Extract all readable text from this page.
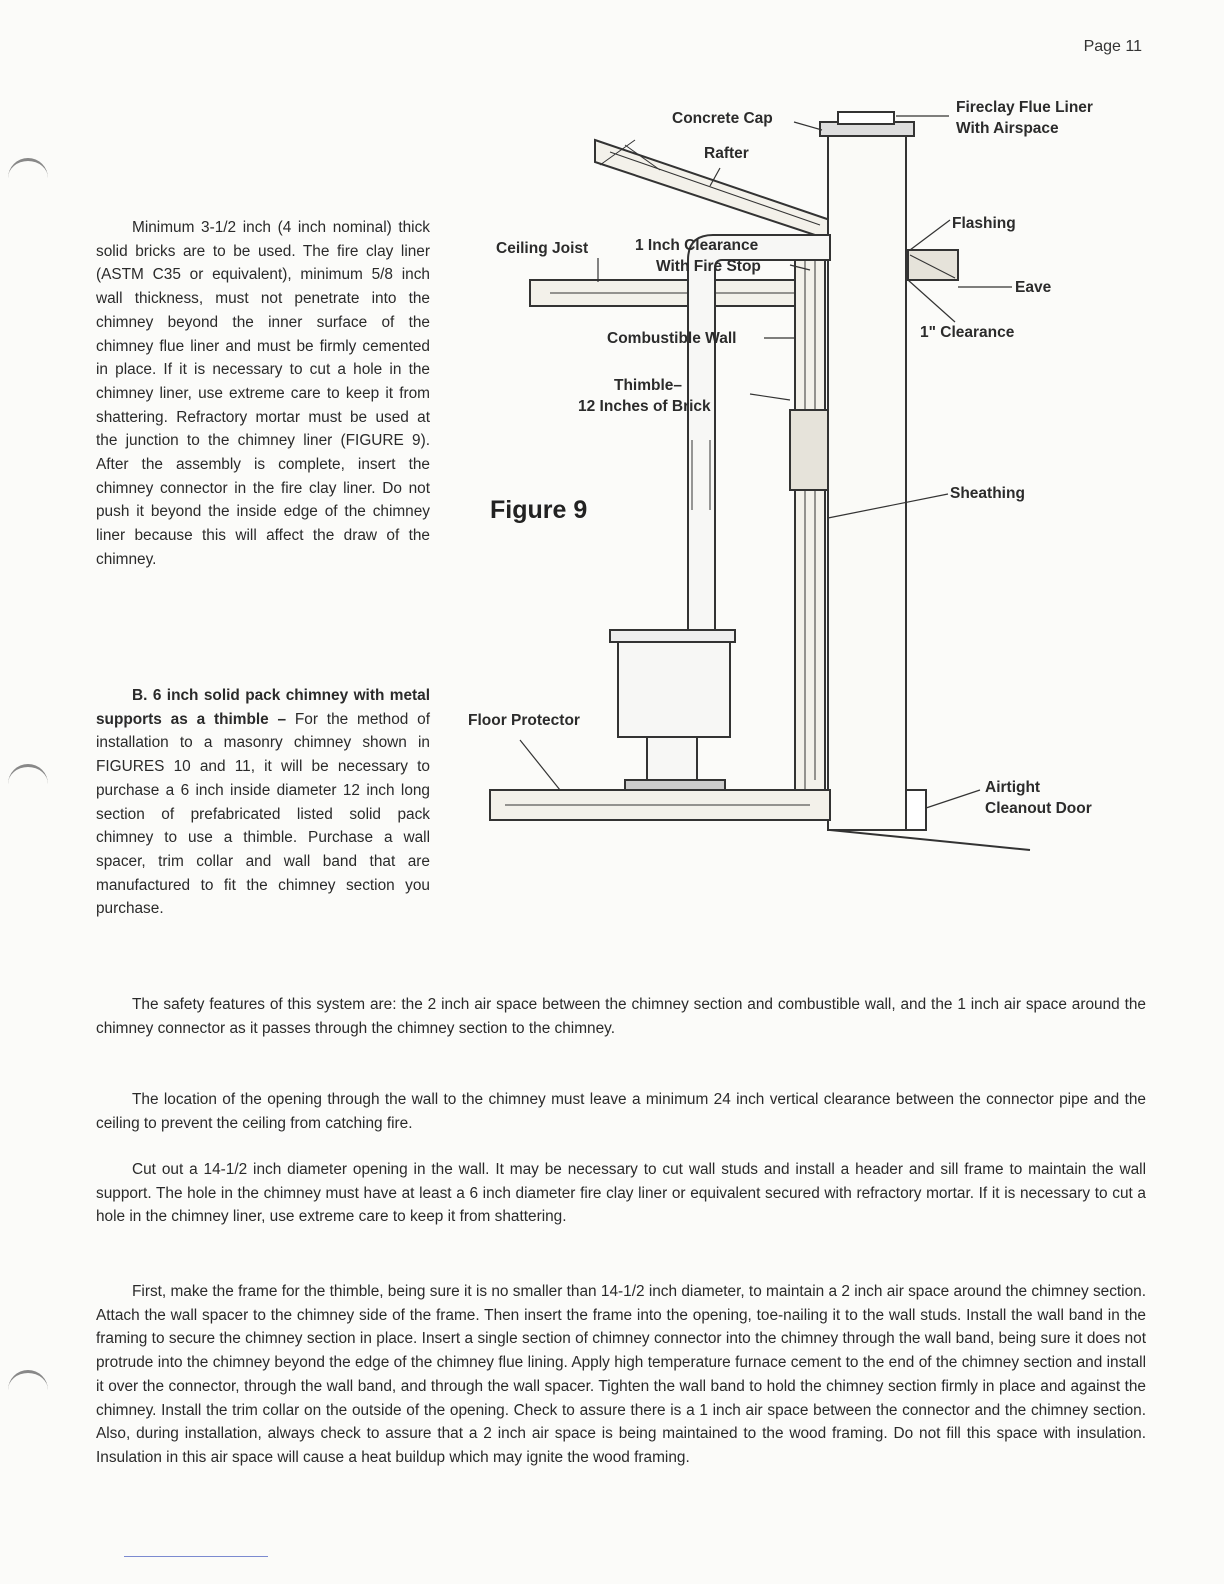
Page 11
Minimum 3-1/2 inch (4 inch nominal) thick solid bricks are to be used. The fire clay liner (ASTM C35 or equivalent), minimum 5/8 inch wall thickness, must not penetrate into the chimney beyond the inner surface of the chimney flue liner and must be firmly cemented in place. If it is necessary to cut a hole in the chimney liner, use extreme care to keep it from shattering. Refractory mortar must be used at the junction to the chimney liner (FIGURE 9). After the assembly is complete, insert the chimney connector in the fire clay liner. Do not push it beyond the inside edge of the chimney liner because this will affect the draw of the chimney.
B. 6 inch solid pack chimney with metal supports as a thimble – For the method of installation to a masonry chimney shown in FIGURES 10 and 11, it will be necessary to purchase a 6 inch inside diameter 12 inch long section of prefabricated listed solid pack chimney to use a thimble. Purchase a wall spacer, trim collar and wall band that are manufactured to fit the chimney section you purchase.
Concrete Cap
Fireclay Flue Liner
With Airspace
Rafter
Flashing
Ceiling Joist	1 Inch Clearance
With Fire Stop
Eave
1" Clearance
Combustible Wall
Thimble–
12 Inches of Brick
Sheathing
Floor Protector
Airtight
Cleanout Door
Figure 9
The safety features of this system are: the 2 inch air space between the chimney section and combustible wall, and the 1 inch air space around the chimney connector as it passes through the chimney section to the chimney.
The location of the opening through the wall to the chimney must leave a minimum 24 inch vertical clearance between the connector pipe and the ceiling to prevent the ceiling from catching fire.
Cut out a 14-1/2 inch diameter opening in the wall. It may be necessary to cut wall studs and install a header and sill frame to maintain the wall support. The hole in the chimney must have at least a 6 inch diameter fire clay liner or equivalent secured with refractory mortar. If it is necessary to cut a hole in the chimney liner, use extreme care to keep it from shattering.
First, make the frame for the thimble, being sure it is no smaller than 14-1/2 inch diameter, to maintain a 2 inch air space around the chimney section. Attach the wall spacer to the chimney side of the frame. Then insert the frame into the opening, toe-nailing it to the wall studs. Install the wall band in the framing to secure the chimney section in place. Insert a single section of chimney connector into the chimney through the wall band, being sure it does not protrude into the chimney beyond the edge of the chimney flue lining. Apply high temperature furnace cement to the end of the chimney section and install it over the connector, through the wall band, and through the wall spacer. Tighten the wall band to hold the chimney section firmly in place and against the chimney. Install the trim collar on the outside of the opening. Check to assure there is a 1 inch air space between the connector and the chimney section. Also, during installation, always check to assure that a 2 inch air space is being maintained to the wood framing. Do not fill this space with insulation. Insulation in this air space will cause a heat buildup which may ignite the wood framing.
